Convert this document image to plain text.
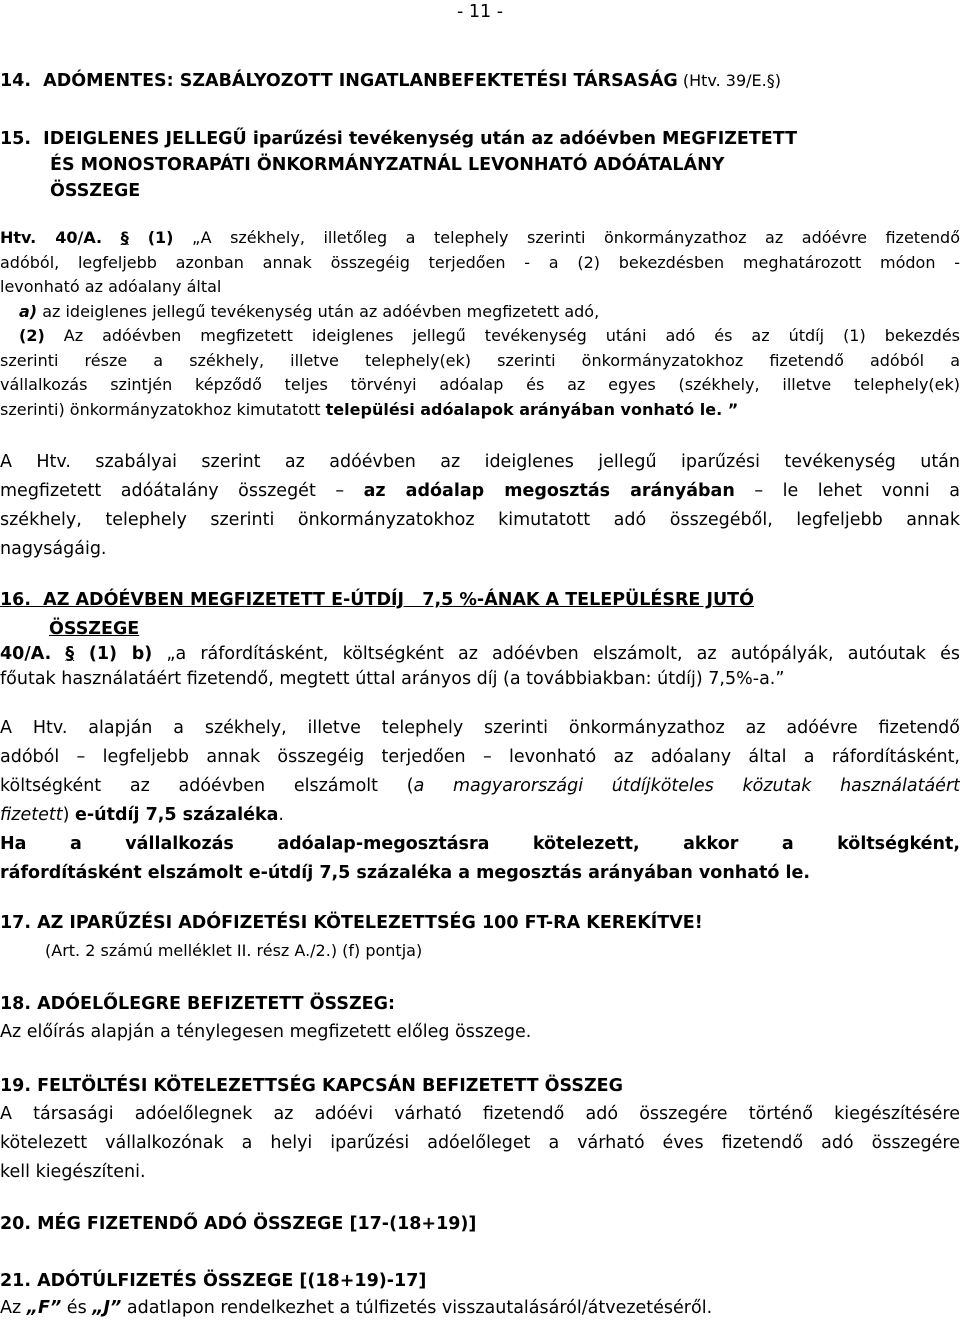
- 11 -
14.  ADÓMENTES: SZABÁLYOZOTT INGATLANBEFEKTETÉSI TÁRSASÁG (Htv. 39/E.§)
15.  IDEIGLENES JELLEGŰ iparűzési tevékenység után az adóévben MEGFIZETETT
ÉS MONOSTORAPÁTI ÖNKORMÁNYZATNÁL LEVONHATÓ ADÓÁTALÁNY
ÖSSZEGE
Htv. 40/A. § (1) „A székhely, illetőleg a telephely szerinti önkormányzathoz az adóévre fizetendő
adóból, legfeljebb azonban annak összegéig terjedően - a (2) bekezdésben meghatározott módon -
levonható az adóalany által
a) az ideiglenes jellegű tevékenység után az adóévben megfizetett adó,
(2) Az adóévben megfizetett ideiglenes jellegű tevékenység utáni adó és az útdíj (1) bekezdés
szerinti része a székhely, illetve telephely(ek) szerinti önkormányzatokhoz fizetendő adóból a
vállalkozás szintjén képződő teljes törvényi adóalap és az egyes (székhely, illetve telephely(ek)
szerinti) önkormányzatokhoz kimutatott települési adóalapok arányában vonható le. ”
A Htv. szabályai szerint az adóévben az ideiglenes jellegű iparűzési tevékenység után
megfizetett adóátalány összegét – az adóalap megosztás arányában – le lehet vonni a
székhely, telephely szerinti önkormányzatokhoz kimutatott adó összegéből, legfeljebb annak
nagyságáig.
16.  AZ ADÓÉVBEN MEGFIZETETT E-ÚTDÍJ   7,5 %-ÁNAK A TELEPÜLÉSRE JUTÓ
ÖSSZEGE
40/A. § (1) b) „a ráfordításként, költségként az adóévben elszámolt, az autópályák, autóutak és
főutak használatáért fizetendő, megtett úttal arányos díj (a továbbiakban: útdíj) 7,5%-a.”
A Htv. alapján a székhely, illetve telephely szerinti önkormányzathoz az adóévre fizetendő
adóból – legfeljebb annak összegéig terjedően – levonható az adóalany által a ráfordításként,
költségként az adóévben elszámolt (a magyarországi útdíjköteles közutak használatáért
fizetett) e-útdíj 7,5 százaléka.
Ha a vállalkozás adóalap-megosztásra kötelezett, akkor a költségként,
ráfordításként elszámolt e-útdíj 7,5 százaléka a megosztás arányában vonható le.
17. AZ IPARŰZÉSI ADÓFIZETÉSI KÖTELEZETTSÉG 100 FT-RA KEREKÍTVE!
(Art. 2 számú melléklet II. rész A./2.) (f) pontja)
18. ADÓELŐLEGRE BEFIZETETT ÖSSZEG:
Az előírás alapján a ténylegesen megfizetett előleg összege.
19. FELTÖLTÉSI KÖTELEZETTSÉG KAPCSÁN BEFIZETETT ÖSSZEG
A társasági adóelőlegnek az adóévi várható fizetendő adó összegére történő kiegészítésére
kötelezett vállalkozónak a helyi iparűzési adóelőleget a várható éves fizetendő adó összegére
kell kiegészíteni.
20. MÉG FIZETENDŐ ADÓ ÖSSZEGE [17-(18+19)]
21. ADÓTÚLFIZETÉS ÖSSZEGE [(18+19)-17]
Az „F” és „J” adatlapon rendelkezhet a túlfizetés visszautalásáról/átvezetéséről.
